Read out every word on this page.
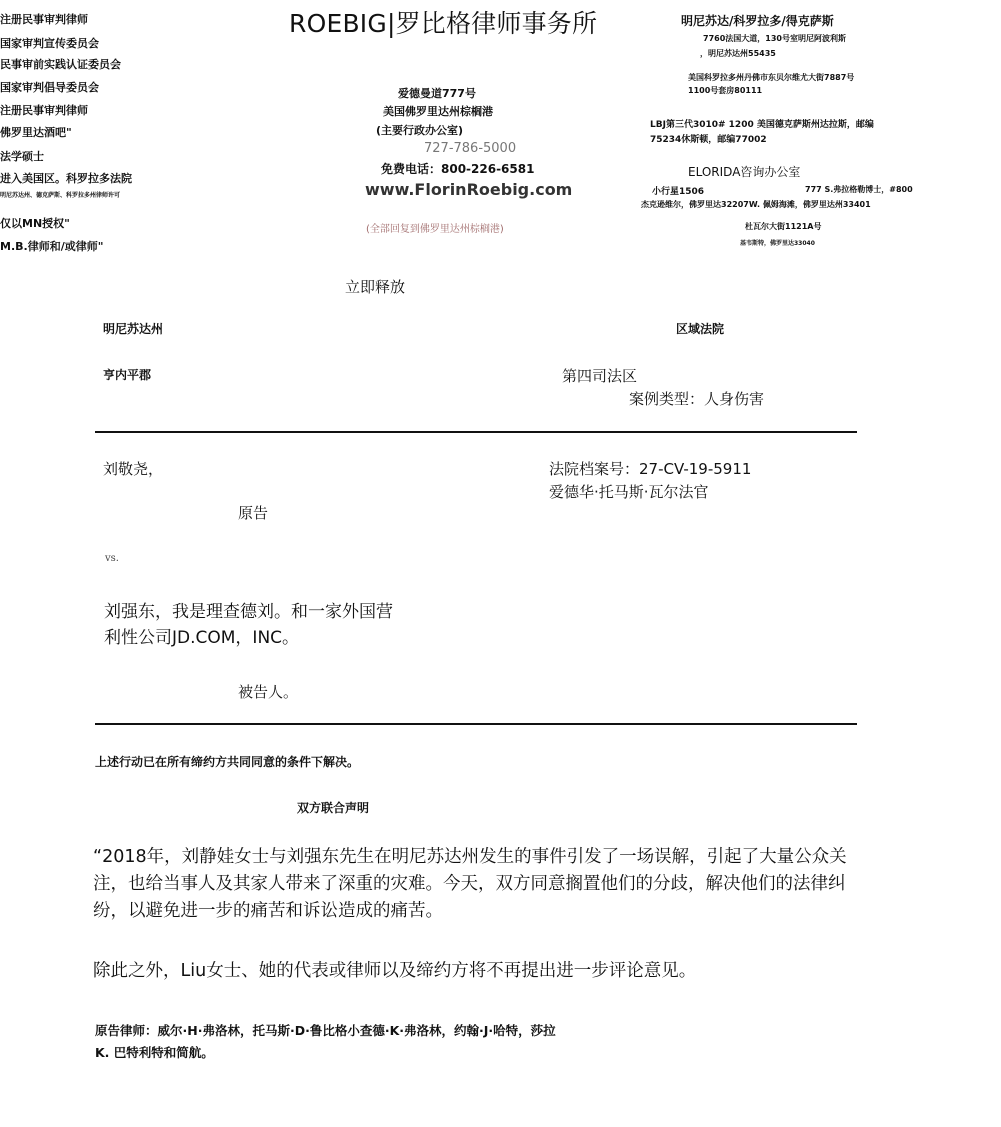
注册民事审判律师
国家审判宣传委员会
民事审前实践认证委员会
国家审判倡导委员会
注册民事审判律师
佛罗里达酒吧"
法学硕士
进入美国区。科罗拉多法院
明尼苏达州、德克萨斯、科罗拉多州律师许可
仅以MN授权"
M.B.律师和/或律师"
ROEBIG|罗比格律师事务所
爱德曼道777号
美国佛罗里达州棕榈港
(主要行政办公室)
727-786-5000
免费电话：800-226-6581
www.FlorinRoebig.com
(全部回复到佛罗里达州棕榈港)
明尼苏达/科罗拉多/得克萨斯
7760法国大道，130号室明尼阿波利斯
，明尼苏达州55435
美国科罗拉多州丹佛市东贝尔维尤大街7887号
1100号套房80111
LBJ第三代3010# 1200 美国德克萨斯州达拉斯，邮编
75234休斯顿，邮编77002
ELORIDA咨询办公室
小行星1506	777 S.弗拉格勒博士，#800
杰克逊维尔，佛罗里达32207W. 佩姆海滩，佛罗里达州33401
杜瓦尔大街1121A号
基韦斯特，佛罗里达33040
立即释放
明尼苏达州	区域法院
亨内平郡	第四司法区
案例类型：人身伤害
刘敬尧，	法院档案号：27-CV-19-5911
爱德华·托马斯·瓦尔法官
原告
vs.
刘强东，我是理查德刘。和一家外国营
利性公司JD.COM，INC。
被告人。
上述行动已在所有缔约方共同同意的条件下解决。
双方联合声明
“2018年，刘静娃女士与刘强东先生在明尼苏达州发生的事件引发了一场误解，引起了大量公众关注，也给当事人及其家人带来了深重的灾难。今天，双方同意搁置他们的分歧，解决他们的法律纠纷，以避免进一步的痛苦和诉讼造成的痛苦。
除此之外，Liu女士、她的代表或律师以及缔约方将不再提出进一步评论意见。
原告律师：威尔·H·弗洛林，托马斯·D·鲁比格小查德·K·弗洛林，约翰·J·哈特，莎拉
K. 巴特利特和简航。
